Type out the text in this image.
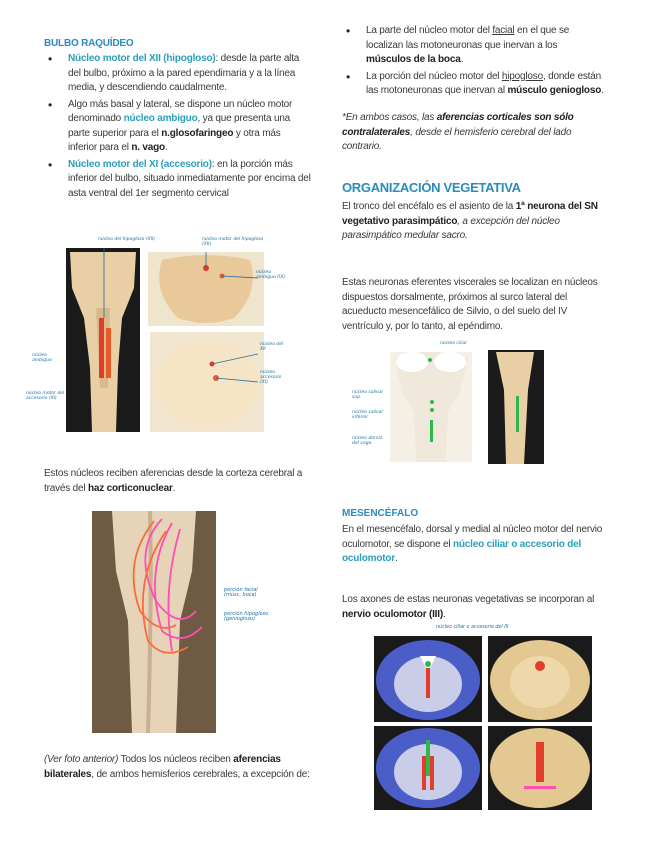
BULBO RAQUÍDEO
• Núcleo motor del XII (hipogloso): desde la parte alta del bulbo, próximo a la pared ependimaria y a la línea media, y descendiendo caudalmente.
• Algo más basal y lateral, se dispone un núcleo motor denominado núcleo ambiguo, ya que presenta una parte superior para el n.glosofaringeo y otra más inferior para el n. vago.
• Núcleo motor del XI (accesorio): en la porción más inferior del bulbo, situado inmediatamente por encima del asta ventral del 1er segmento cervical
núcleo del hipogloso (XII)
núcleo ambiguo
núcleo motor del accesorio (XI)
núcleo motor del hipogloso (XII)
núcleo ambiguo (IX)
núcleo del XII
núcleo accesorio (XI)
Estos núcleos reciben aferencias desde la corteza cerebral a través del haz corticonuclear.
porción facial (músc. boca)
porción hipogloso (geniogloso)
(Ver foto anterior) Todos los núcleos reciben aferencias bilaterales, de ambos hemisferios cerebrales, a excepción de:
• La parte del núcleo motor del facial en el que se localizan las motoneuronas que inervan a los músculos de la boca.
• La porción del núcleo motor del hipogloso, donde están las motoneuronas que inervan al músculo geniogloso.
*En ambos casos, las aferencias corticales son sólo contralaterales, desde el hemisferio cerebral del lado contrario.
ORGANIZACIÓN VEGETATIVA
El tronco del encéfalo es el asiento de la 1ª neurona del SN vegetativo parasimpático, a excepción del núcleo parasimpático medular sacro.
Estas neuronas eferentes viscerales se localizan en núcleos dispuestos dorsalmente, próximos al surco lateral del acueducto mesencefálico de Silvio, o del suelo del IV ventrículo y, por lo tanto, al epéndimo.
núcleo ciliar
núcleo salival sup.
núcleo salival inferior
núcleo dorsal del vago
MESENCÉFALO
En el mesencéfalo, dorsal y medial al núcleo motor del nervio oculomotor, se dispone el núcleo ciliar o accesorio del oculomotor.
Los axones de estas neuronas vegetativas se incorporan al nervio oculomotor (III).
núcleo ciliar o accesorio del III
